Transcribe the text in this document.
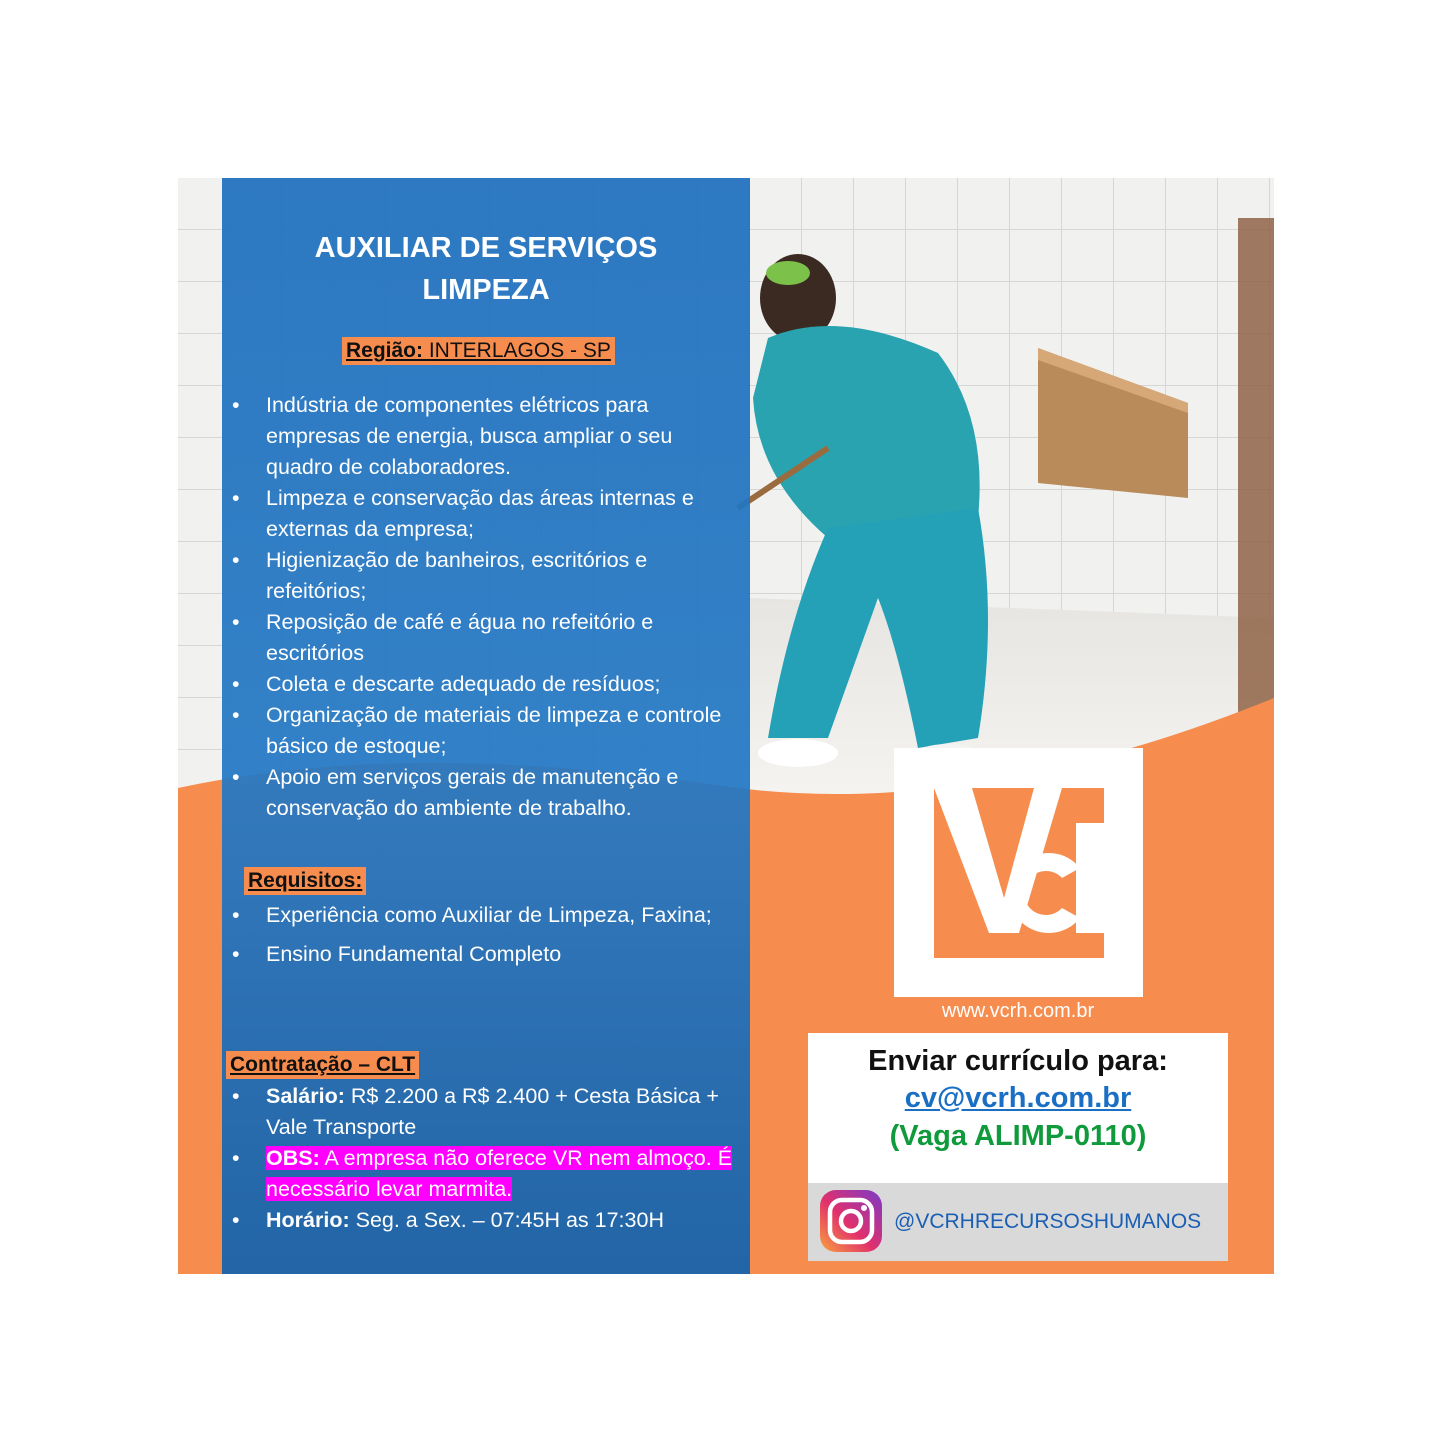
AUXILIAR DE SERVIÇOS
LIMPEZA
Região: INTERLAGOS - SP
• Indústria de componentes elétricos para empresas de energia, busca ampliar o seu quadro de colaboradores.
• Limpeza e conservação das áreas internas e externas da empresa;
• Higienização de banheiros, escritórios e refeitórios;
• Reposição de café e água no refeitório e escritórios
• Coleta e descarte adequado de resíduos;
• Organização de materiais de limpeza e controle básico de estoque;
• Apoio em serviços gerais de manutenção e conservação do ambiente de trabalho.
Requisitos:
• Experiência como Auxiliar de Limpeza, Faxina;
• Ensino Fundamental Completo
Contratação – CLT
• Salário: R$ 2.200 a R$ 2.400 + Cesta Básica + Vale Transporte
• OBS: A empresa não oferece VR nem almoço. É necessário levar marmita.
• Horário: Seg. a Sex. – 07:45H as 17:30H
www.vcrh.com.br
Enviar currículo para:
cv@vcrh.com.br
(Vaga ALIMP-0110)
@VCRHRECURSOSHUMANOS
